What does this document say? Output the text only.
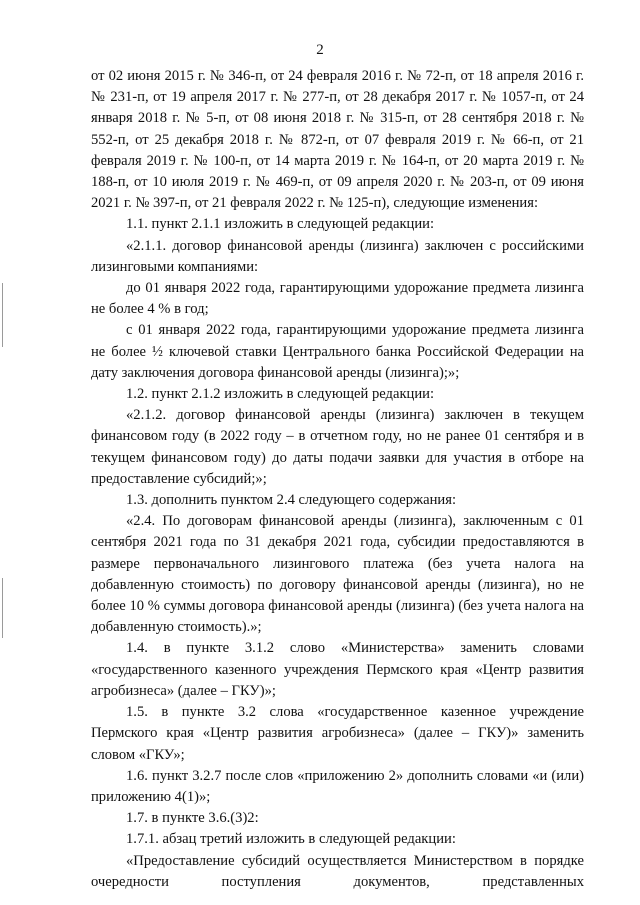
2

от 02 июня 2015 г. № 346-п, от 24 февраля 2016 г. № 72-п, от 18 апреля 2016 г. № 231-п, от 19 апреля 2017 г. № 277-п, от 28 декабря 2017 г. № 1057-п, от 24 января 2018 г. № 5-п, от 08 июня 2018 г. № 315-п, от 28 сентября 2018 г. № 552-п, от 25 декабря 2018 г. № 872-п, от 07 февраля 2019 г. № 66-п, от 21 февраля 2019 г. № 100-п, от 14 марта 2019 г. № 164-п, от 20 марта 2019 г. № 188-п, от 10 июля 2019 г. № 469-п, от 09 апреля 2020 г. № 203-п, от 09 июня 2021 г. № 397-п, от 21 февраля 2022 г. № 125-п), следующие изменения:

1.1. пункт 2.1.1 изложить в следующей редакции:

«2.1.1. договор финансовой аренды (лизинга) заключен с российскими лизинговыми компаниями:

до 01 января 2022 года, гарантирующими удорожание предмета лизинга не более 4 % в год;

с 01 января 2022 года, гарантирующими удорожание предмета лизинга не более ½ ключевой ставки Центрального банка Российской Федерации на дату заключения договора финансовой аренды (лизинга);»;

1.2. пункт 2.1.2 изложить в следующей редакции:

«2.1.2. договор финансовой аренды (лизинга) заключен в текущем финансовом году (в 2022 году – в отчетном году, но не ранее 01 сентября и в текущем финансовом году) до даты подачи заявки для участия в отборе на предоставление субсидий;»;

1.3. дополнить пунктом 2.4 следующего содержания:

«2.4. По договорам финансовой аренды (лизинга), заключенным с 01 сентября 2021 года по 31 декабря 2021 года, субсидии предоставляются в размере первоначального лизингового платежа (без учета налога на добавленную стоимость) по договору финансовой аренды (лизинга), но не более 10 % суммы договора финансовой аренды (лизинга) (без учета налога на добавленную стоимость).»;

1.4. в пункте 3.1.2 слово «Министерства» заменить словами «государственного казенного учреждения Пермского края «Центр развития агробизнеса» (далее – ГКУ)»;

1.5. в пункте 3.2 слова «государственное казенное учреждение Пермского края «Центр развития агробизнеса» (далее – ГКУ)» заменить словом «ГКУ»;

1.6. пункт 3.2.7 после слов «приложению 2» дополнить словами «и (или) приложению 4(1)»;

1.7. в пункте 3.6.(3)2:

1.7.1. абзац третий изложить в следующей редакции:

«Предоставление субсидий осуществляется Министерством в порядке очередности поступления документов, представленных
